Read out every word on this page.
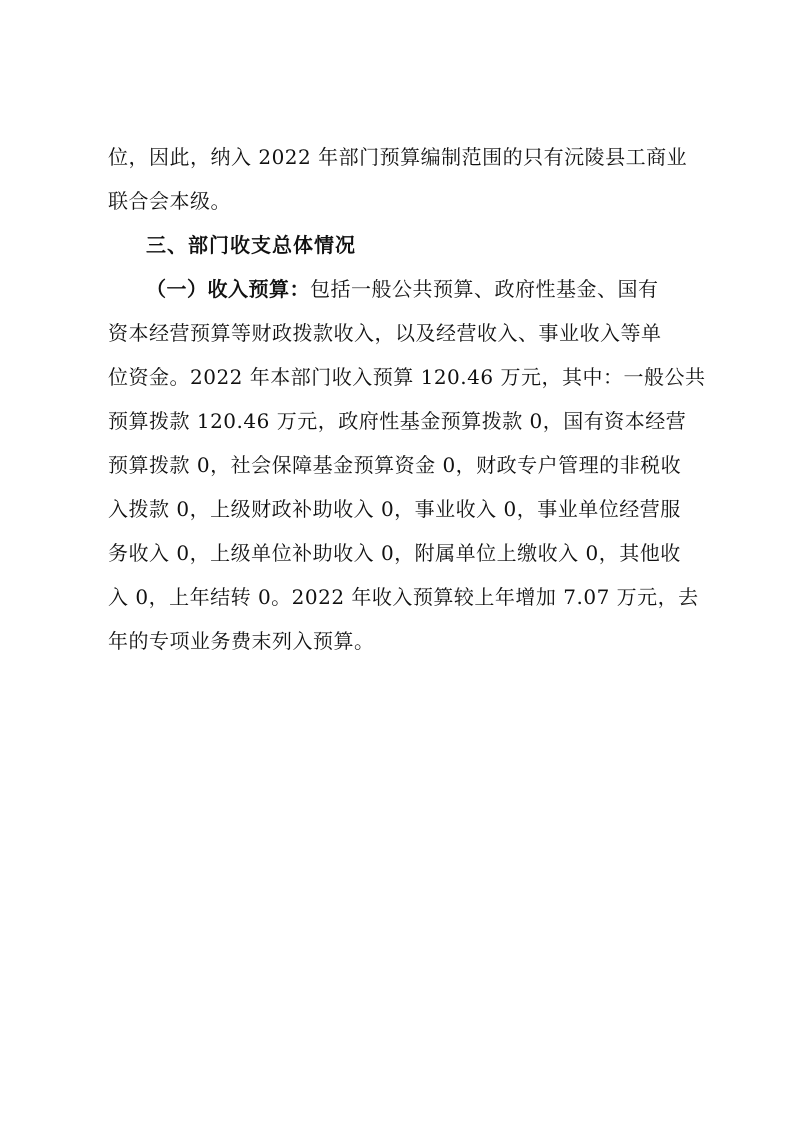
位，因此，纳入 2022 年部门预算编制范围的只有沅陵县工商业
联合会本级。
三、部门收支总体情况
（一）收入预算：包括一般公共预算、政府性基金、国有
资本经营预算等财政拨款收入，以及经营收入、事业收入等单
位资金。2022 年本部门收入预算 120.46 万元，其中：一般公共
预算拨款 120.46 万元，政府性基金预算拨款 0，国有资本经营
预算拨款 0，社会保障基金预算资金 0，财政专户管理的非税收
入拨款 0，上级财政补助收入 0，事业收入 0，事业单位经营服
务收入 0，上级单位补助收入 0，附属单位上缴收入 0，其他收
入 0，上年结转 0。2022 年收入预算较上年增加 7.07 万元，去
年的专项业务费末列入预算。
